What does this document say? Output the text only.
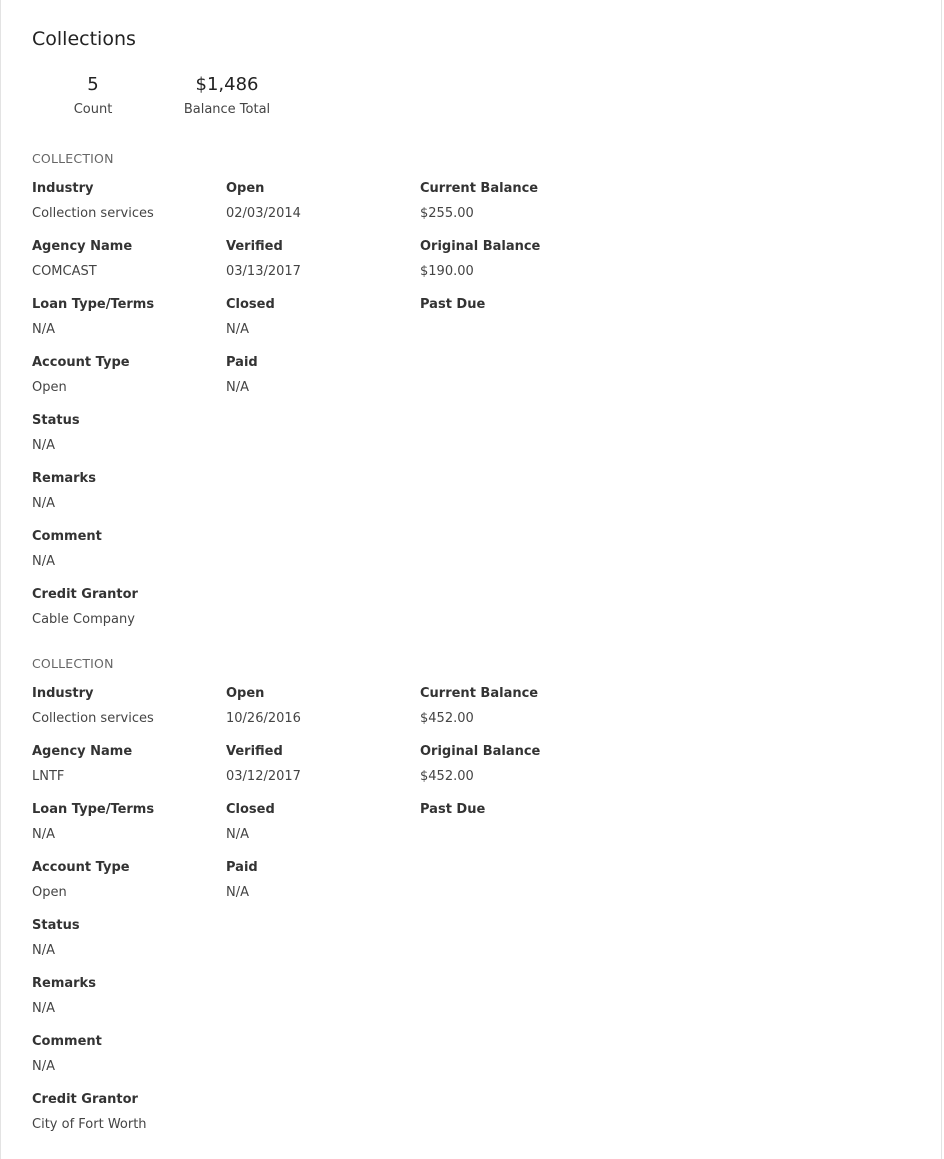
Collections
5
Count
$1,486
Balance Total
COLLECTION
Industry
Collection services
Open
02/03/2014
Current Balance
$255.00
Agency Name
COMCAST
Verified
03/13/2017
Original Balance
$190.00
Loan Type/Terms
N/A
Closed
N/A
Past Due
Account Type
Open
Paid
N/A
Status
N/A
Remarks
N/A
Comment
N/A
Credit Grantor
Cable Company
COLLECTION
Industry
Collection services
Open
10/26/2016
Current Balance
$452.00
Agency Name
LNTF
Verified
03/12/2017
Original Balance
$452.00
Loan Type/Terms
N/A
Closed
N/A
Past Due
Account Type
Open
Paid
N/A
Status
N/A
Remarks
N/A
Comment
N/A
Credit Grantor
City of Fort Worth
